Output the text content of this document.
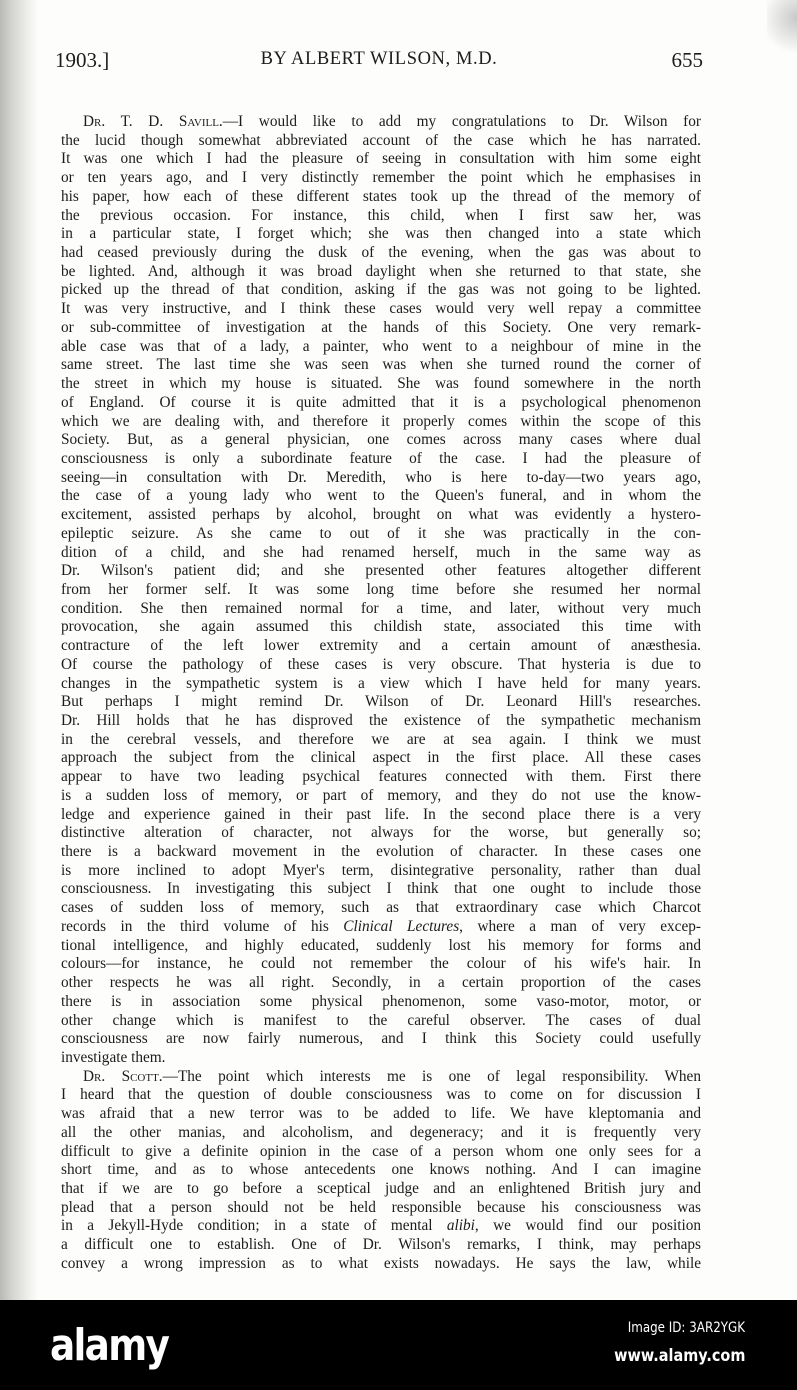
1903.]	BY ALBERT WILSON, M.D.	655
Dr. T. D. Savill.—I would like to add my congratulations to Dr. Wilson for
the lucid though somewhat abbreviated account of the case which he has narrated.
It was one which I had the pleasure of seeing in consultation with him some eight
or ten years ago, and I very distinctly remember the point which he emphasises in
his paper, how each of these different states took up the thread of the memory of
the previous occasion. For instance, this child, when I first saw her, was
in a particular state, I forget which; she was then changed into a state which
had ceased previously during the dusk of the evening, when the gas was about to
be lighted. And, although it was broad daylight when she returned to that state, she
picked up the thread of that condition, asking if the gas was not going to be lighted.
It was very instructive, and I think these cases would very well repay a committee
or sub-committee of investigation at the hands of this Society. One very remark-
able case was that of a lady, a painter, who went to a neighbour of mine in the
same street. The last time she was seen was when she turned round the corner of
the street in which my house is situated. She was found somewhere in the north
of England. Of course it is quite admitted that it is a psychological phenomenon
which we are dealing with, and therefore it properly comes within the scope of this
Society. But, as a general physician, one comes across many cases where dual
consciousness is only a subordinate feature of the case. I had the pleasure of
seeing—in consultation with Dr. Meredith, who is here to-day—two years ago,
the case of a young lady who went to the Queen's funeral, and in whom the
excitement, assisted perhaps by alcohol, brought on what was evidently a hystero-
epileptic seizure. As she came to out of it she was practically in the con-
dition of a child, and she had renamed herself, much in the same way as
Dr. Wilson's patient did; and she presented other features altogether different
from her former self. It was some long time before she resumed her normal
condition. She then remained normal for a time, and later, without very much
provocation, she again assumed this childish state, associated this time with
contracture of the left lower extremity and a certain amount of anæsthesia.
Of course the pathology of these cases is very obscure. That hysteria is due to
changes in the sympathetic system is a view which I have held for many years.
But perhaps I might remind Dr. Wilson of Dr. Leonard Hill's researches.
Dr. Hill holds that he has disproved the existence of the sympathetic mechanism
in the cerebral vessels, and therefore we are at sea again. I think we must
approach the subject from the clinical aspect in the first place. All these cases
appear to have two leading psychical features connected with them. First there
is a sudden loss of memory, or part of memory, and they do not use the know-
ledge and experience gained in their past life. In the second place there is a very
distinctive alteration of character, not always for the worse, but generally so;
there is a backward movement in the evolution of character. In these cases one
is more inclined to adopt Myer's term, disintegrative personality, rather than dual
consciousness. In investigating this subject I think that one ought to include those
cases of sudden loss of memory, such as that extraordinary case which Charcot
records in the third volume of his Clinical Lectures, where a man of very excep-
tional intelligence, and highly educated, suddenly lost his memory for forms and
colours—for instance, he could not remember the colour of his wife's hair. In
other respects he was all right. Secondly, in a certain proportion of the cases
there is in association some physical phenomenon, some vaso-motor, motor, or
other change which is manifest to the careful observer. The cases of dual
consciousness are now fairly numerous, and I think this Society could usefully
investigate them.
Dr. Scott.—The point which interests me is one of legal responsibility. When
I heard that the question of double consciousness was to come on for discussion I
was afraid that a new terror was to be added to life. We have kleptomania and
all the other manias, and alcoholism, and degeneracy; and it is frequently very
difficult to give a definite opinion in the case of a person whom one only sees for a
short time, and as to whose antecedents one knows nothing. And I can imagine
that if we are to go before a sceptical judge and an enlightened British jury and
plead that a person should not be held responsible because his consciousness was
in a Jekyll-Hyde condition; in a state of mental alibi, we would find our position
a difficult one to establish. One of Dr. Wilson's remarks, I think, may perhaps
convey a wrong impression as to what exists nowadays. He says the law, while
alamy	Image ID: 3AR2YGK
www.alamy.com
